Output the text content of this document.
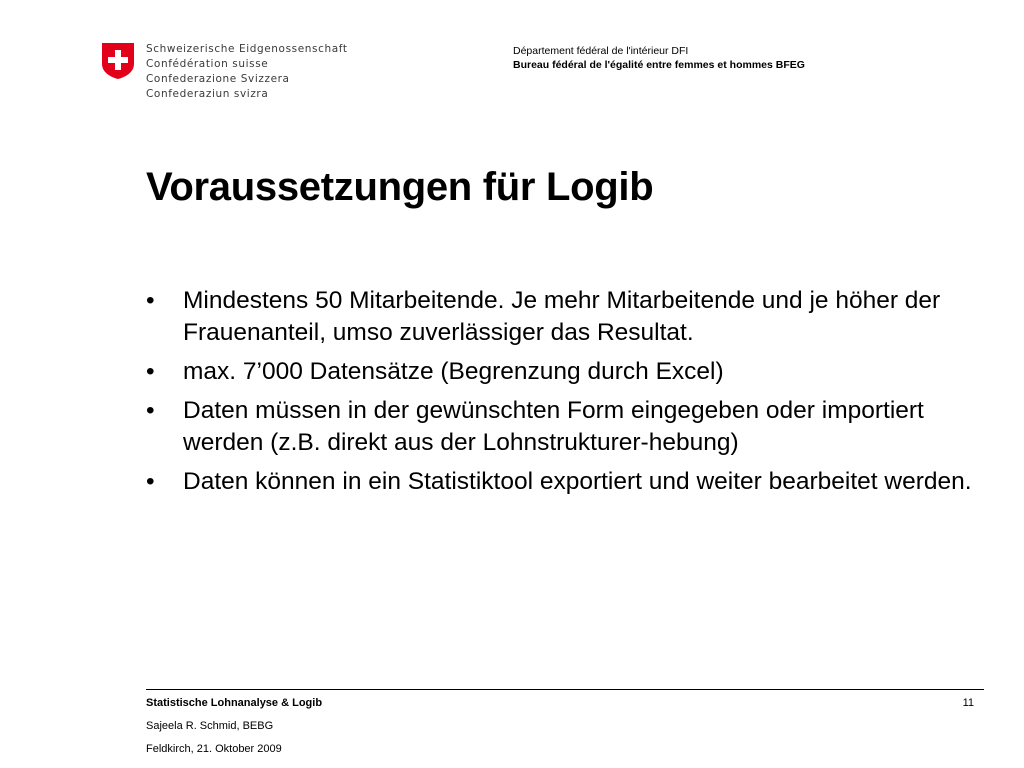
Schweizerische Eidgenossenschaft
Confédération suisse
Confederazione Svizzera
Confederaziun svizra
Département fédéral de l'intérieur DFI
Bureau fédéral de l'égalité entre femmes et hommes BFEG
Voraussetzungen für Logib
• Mindestens 50 Mitarbeitende. Je mehr Mitarbeitende und je höher der Frauenanteil, umso zuverlässiger das Resultat.
• max. 7’000 Datensätze (Begrenzung durch Excel)
• Daten müssen in der gewünschten Form eingegeben oder importiert werden (z.B. direkt aus der Lohnstrukturer-hebung)
• Daten können in ein Statistiktool exportiert und weiter bearbeitet werden.
Statistische Lohnanalyse & Logib	11
Sajeela R. Schmid, BEBG
Feldkirch, 21. Oktober 2009
